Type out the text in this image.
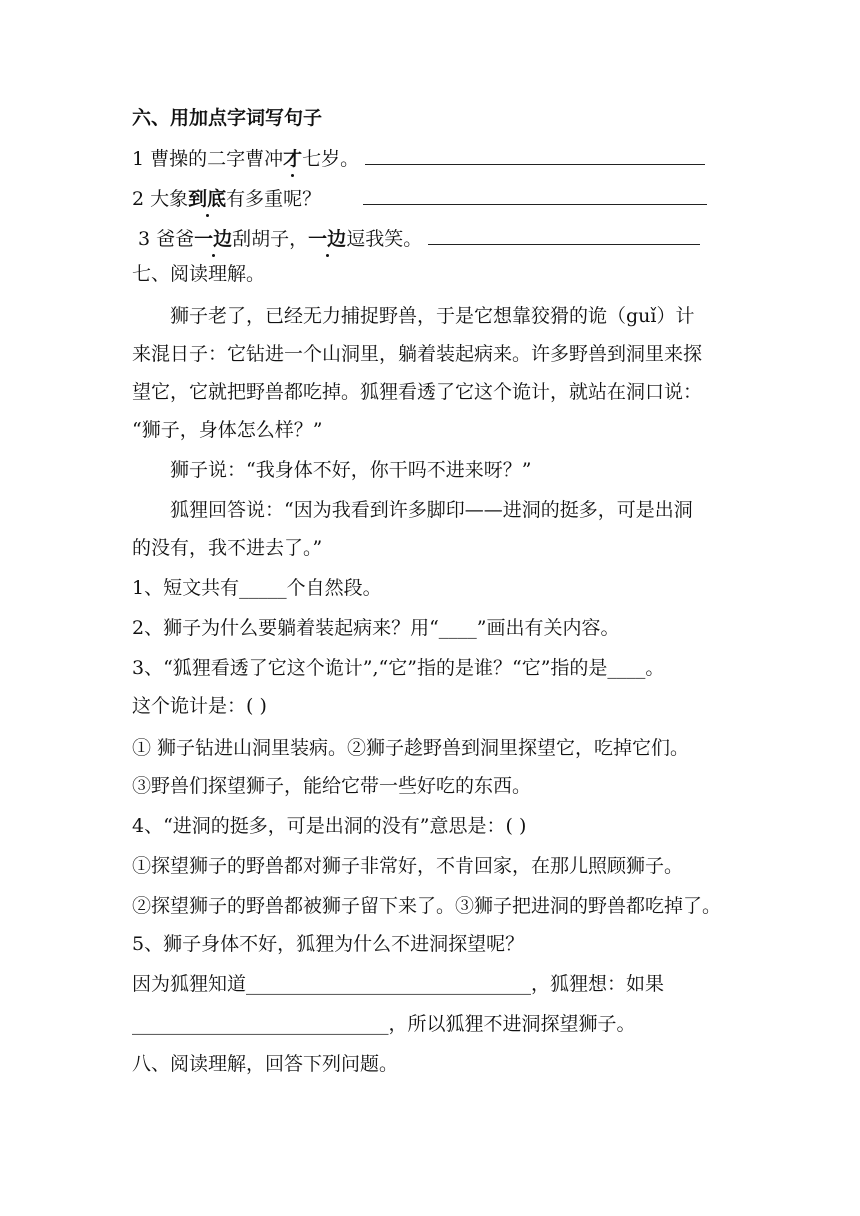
六、用加点字词写句子
1 曹操的二字曹冲才七岁。
2 大象到底有多重呢？
3 爸爸一边刮胡子，一边逗我笑。
七、阅读理解。
狮子老了，已经无力捕捉野兽，于是它想靠狡猾的诡（guǐ）计
来混日子：它钻进一个山洞里，躺着装起病来。许多野兽到洞里来探
望它，它就把野兽都吃掉。狐狸看透了它这个诡计，就站在洞口说：
“狮子，身体怎么样？”
狮子说：“我身体不好，你干吗不进来呀？”
狐狸回答说：“因为我看到许多脚印——进洞的挺多，可是出洞
的没有，我不进去了。”
1、短文共有_____个自然段。
2、狮子为什么要躺着装起病来？用“____”画出有关内容。
3、“狐狸看透了它这个诡计”,“它”指的是谁？“它”指的是____。
这个诡计是：( )
① 狮子钻进山洞里装病。②狮子趁野兽到洞里探望它，吃掉它们。
③野兽们探望狮子，能给它带一些好吃的东西。
4、“进洞的挺多，可是出洞的没有”意思是：( )
①探望狮子的野兽都对狮子非常好，不肯回家，在那儿照顾狮子。
②探望狮子的野兽都被狮子留下来了。③狮子把进洞的野兽都吃掉了。
5、狮子身体不好，狐狸为什么不进洞探望呢？
因为狐狸知道______________________________，狐狸想：如果
___________________________，所以狐狸不进洞探望狮子。
八、阅读理解，回答下列问题。
